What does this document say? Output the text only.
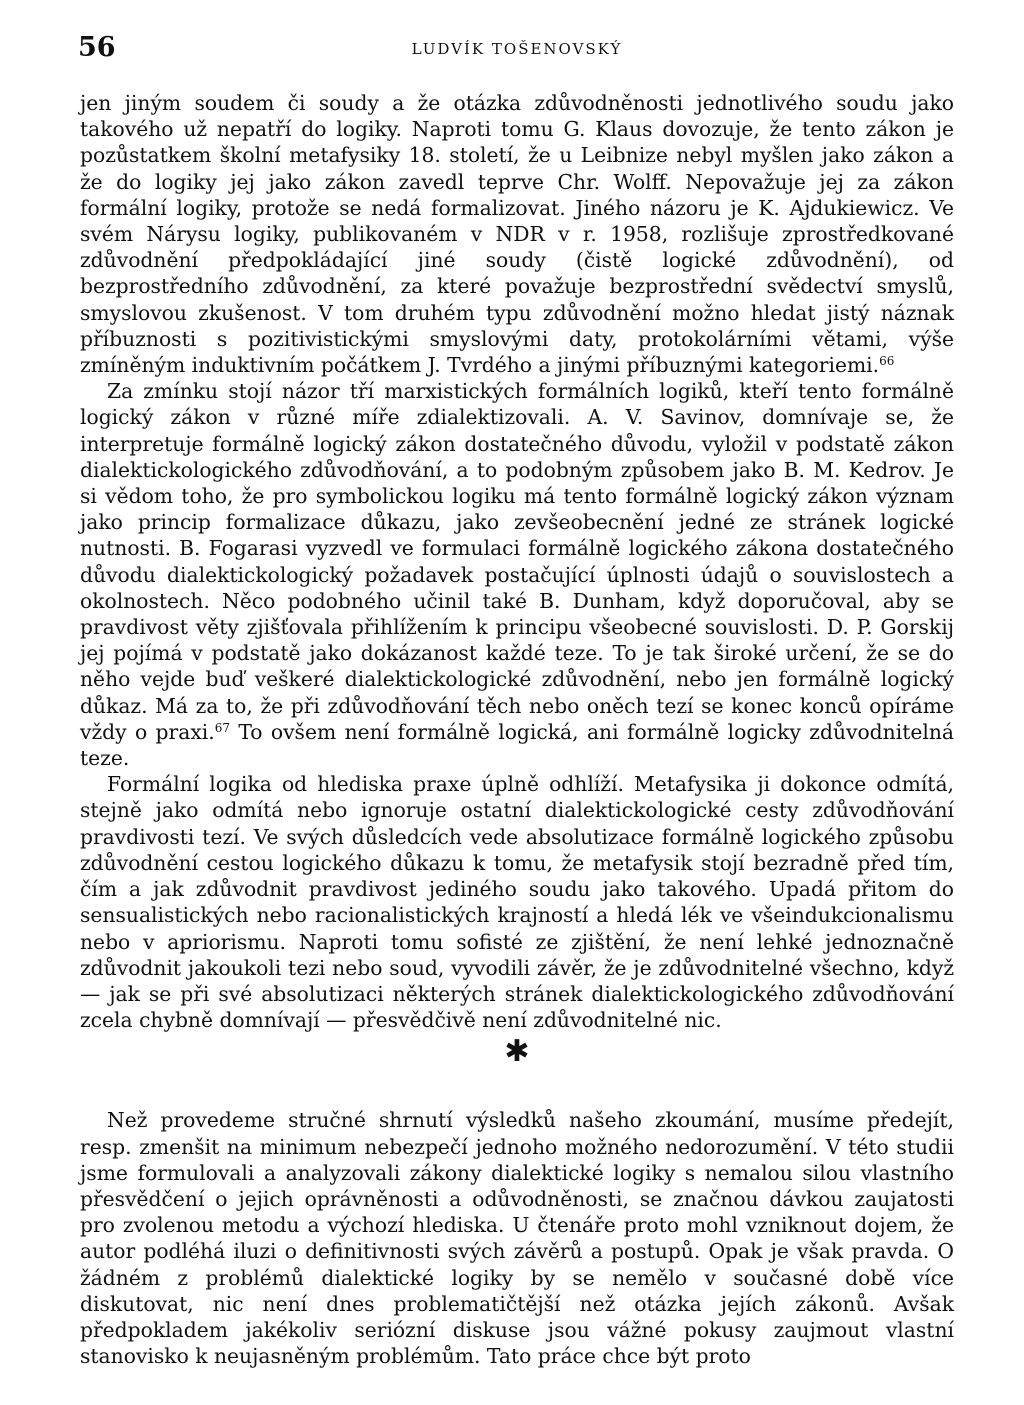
56	LUDVÍK TOŠENOVSKÝ

jen jiným soudem či soudy a že otázka zdůvodněnosti jednotlivého soudu jako takového už nepatří do logiky. Naproti tomu G. Klaus dovozuje, že tento zákon je pozůstatkem školní metafysiky 18. století, že u Leibnize nebyl myšlen jako zákon a že do logiky jej jako zákon zavedl teprve Chr. Wolff. Nepovažuje jej za zákon formální logiky, protože se nedá formalizovat. Jiného názoru je K. Ajdukiewicz. Ve svém Nárysu logiky, publikovaném v NDR v r. 1958, rozlišuje zprostředkované zdůvodnění předpokládající jiné soudy (čistě logické zdůvodnění), od bezprostředního zdůvodnění, za které považuje bezprostřední svědectví smyslů, smyslovou zkušenost. V tom druhém typu zdůvodnění možno hledat jistý náznak příbuznosti s pozitivistickými smyslovými daty, protokolárními větami, výše zmíněným induktivním počátkem J. Tvrdého a jinými příbuznými kategoriemi.$^{66}$

Za zmínku stojí názor tří marxistických formálních logiků, kteří tento formálně logický zákon v různé míře zdialektizovali. A. V. Savinov, domnívaje se, že interpretuje formálně logický zákon dostatečného důvodu, vyložil v podstatě zákon dialektickologického zdůvodňování, a to podobným způsobem jako B. M. Kedrov. Je si vědom toho, že pro symbolickou logiku má tento formálně logický zákon význam jako princip formalizace důkazu, jako zevšeobecnění jedné ze stránek logické nutnosti. B. Fogarasi vyzvedl ve formulaci formálně logického zákona dostatečného důvodu dialektickologický požadavek postačující úplnosti údajů o souvislostech a okolnostech. Něco podobného učinil také B. Dunham, když doporučoval, aby se pravdivost věty zjišťovala přihlížením k principu všeobecné souvislosti. D. P. Gorskij jej pojímá v podstatě jako dokázanost každé teze. To je tak široké určení, že se do něho vejde buď veškeré dialektickologické zdůvodnění, nebo jen formálně logický důkaz. Má za to, že při zdůvodňování těch nebo oněch tezí se konec konců opíráme vždy o praxi.$^{67}$ To ovšem není formálně logická, ani formálně logicky zdůvodnitelná teze.

Formální logika od hlediska praxe úplně odhlíží. Metafysika ji dokonce odmítá, stejně jako odmítá nebo ignoruje ostatní dialektickologické cesty zdůvodňování pravdivosti tezí. Ve svých důsledcích vede absolutizace formálně logického způsobu zdůvodnění cestou logického důkazu k tomu, že metafysik stojí bezradně před tím, čím a jak zdůvodnit pravdivost jediného soudu jako takového. Upadá přitom do sensualistických nebo racionalistických krajností a hledá lék ve všeindukcionalismu nebo v apriorismu. Naproti tomu sofisté ze zjištění, že není lehké jednoznačně zdůvodnit jakoukoli tezi nebo soud, vyvodili závěr, že je zdůvodnitelné všechno, když — jak se při své absolutizaci některých stránek dialektickologického zdůvodňování zcela chybně domnívají — přesvědčivě není zdůvodnitelné nic.

✱

Než provedeme stručné shrnutí výsledků našeho zkoumání, musíme předejít, resp. zmenšit na minimum nebezpečí jednoho možného nedorozumění. V této studii jsme formulovali a analyzovali zákony dialektické logiky s nemalou silou vlastního přesvědčení o jejich oprávněnosti a odůvodněnosti, se značnou dávkou zaujatosti pro zvolenou metodu a výchozí hlediska. U čtenáře proto mohl vzniknout dojem, že autor podléhá iluzi o definitivnosti svých závěrů a postupů. Opak je však pravda. O žádném z problémů dialektické logiky by se nemělo v současné době více diskutovat, nic není dnes problematičtější než otázka jejích zákonů. Avšak předpokladem jakékoliv seriózní diskuse jsou vážné pokusy zaujmout vlastní stanovisko k neujasněným problémům. Tato práce chce být proto
